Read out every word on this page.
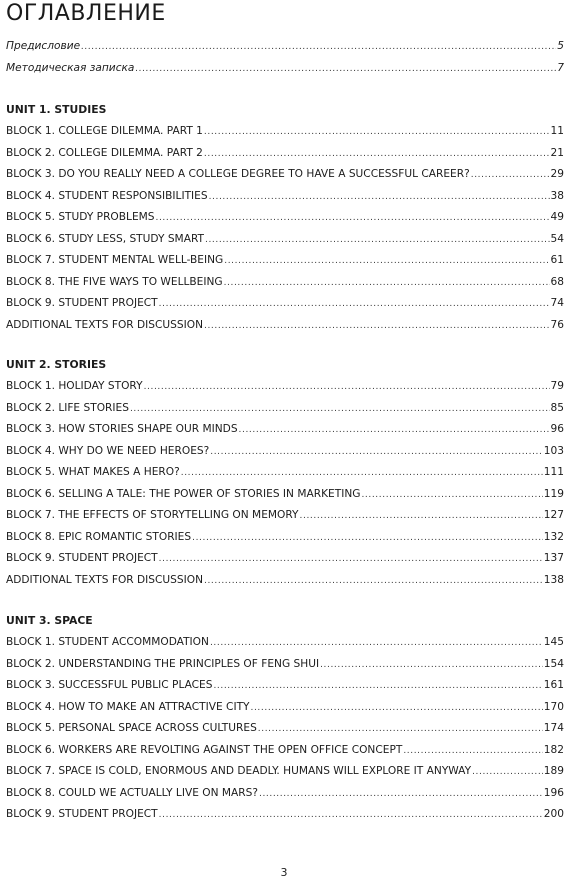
ОГЛАВЛЕНИЕ
Предисловие .....	5
Методическая записка .....	7
UNIT 1. STUDIES
BLOCK 1. COLLEGE DILEMMA. PART 1 .....	11
BLOCK 2. COLLEGE DILEMMA. PART 2 .....	21
BLOCK 3. DO YOU REALLY NEED A COLLEGE DEGREE TO HAVE A SUCCESSFUL CAREER? .....	29
BLOCK 4. STUDENT RESPONSIBILITIES .....	38
BLOCK 5. STUDY PROBLEMS .....	49
BLOCK 6. STUDY LESS, STUDY SMART .....	54
BLOCK 7. STUDENT MENTAL WELL-BEING .....	61
BLOCK 8. THE FIVE WAYS TO WELLBEING .....	68
BLOCK 9. STUDENT PROJECT .....	74
ADDITIONAL TEXTS FOR DISCUSSION .....	76
UNIT 2. STORIES
BLOCK 1. HOLIDAY STORY .....	79
BLOCK 2. LIFE STORIES .....	85
BLOCK 3. HOW STORIES SHAPE OUR MINDS .....	96
BLOCK 4. WHY DO WE NEED HEROES? .....	103
BLOCK 5. WHAT MAKES A HERO? .....	111
BLOCK 6. SELLING A TALE: THE POWER OF STORIES IN MARKETING .....	119
BLOCK 7. THE EFFECTS OF STORYTELLING ON MEMORY .....	127
BLOCK 8. EPIC ROMANTIC STORIES .....	132
BLOCK 9. STUDENT PROJECT .....	137
ADDITIONAL TEXTS FOR DISCUSSION .....	138
UNIT 3. SPACE
BLOCK 1. STUDENT ACCOMMODATION .....	145
BLOCK 2. UNDERSTANDING THE PRINCIPLES OF FENG SHUI .....	154
BLOCK 3. SUCCESSFUL PUBLIC PLACES .....	161
BLOCK 4. HOW TO MAKE AN ATTRACTIVE CITY .....	170
BLOCK 5. PERSONAL SPACE ACROSS CULTURES .....	174
BLOCK 6. WORKERS ARE REVOLTING AGAINST THE OPEN OFFICE CONCEPT .....	182
BLOCK 7. SPACE IS COLD, ENORMOUS AND DEADLY. HUMANS WILL EXPLORE IT ANYWAY .....	189
BLOCK 8. COULD WE ACTUALLY LIVE ON MARS? .....	196
BLOCK 9. STUDENT PROJECT .....	200
3
